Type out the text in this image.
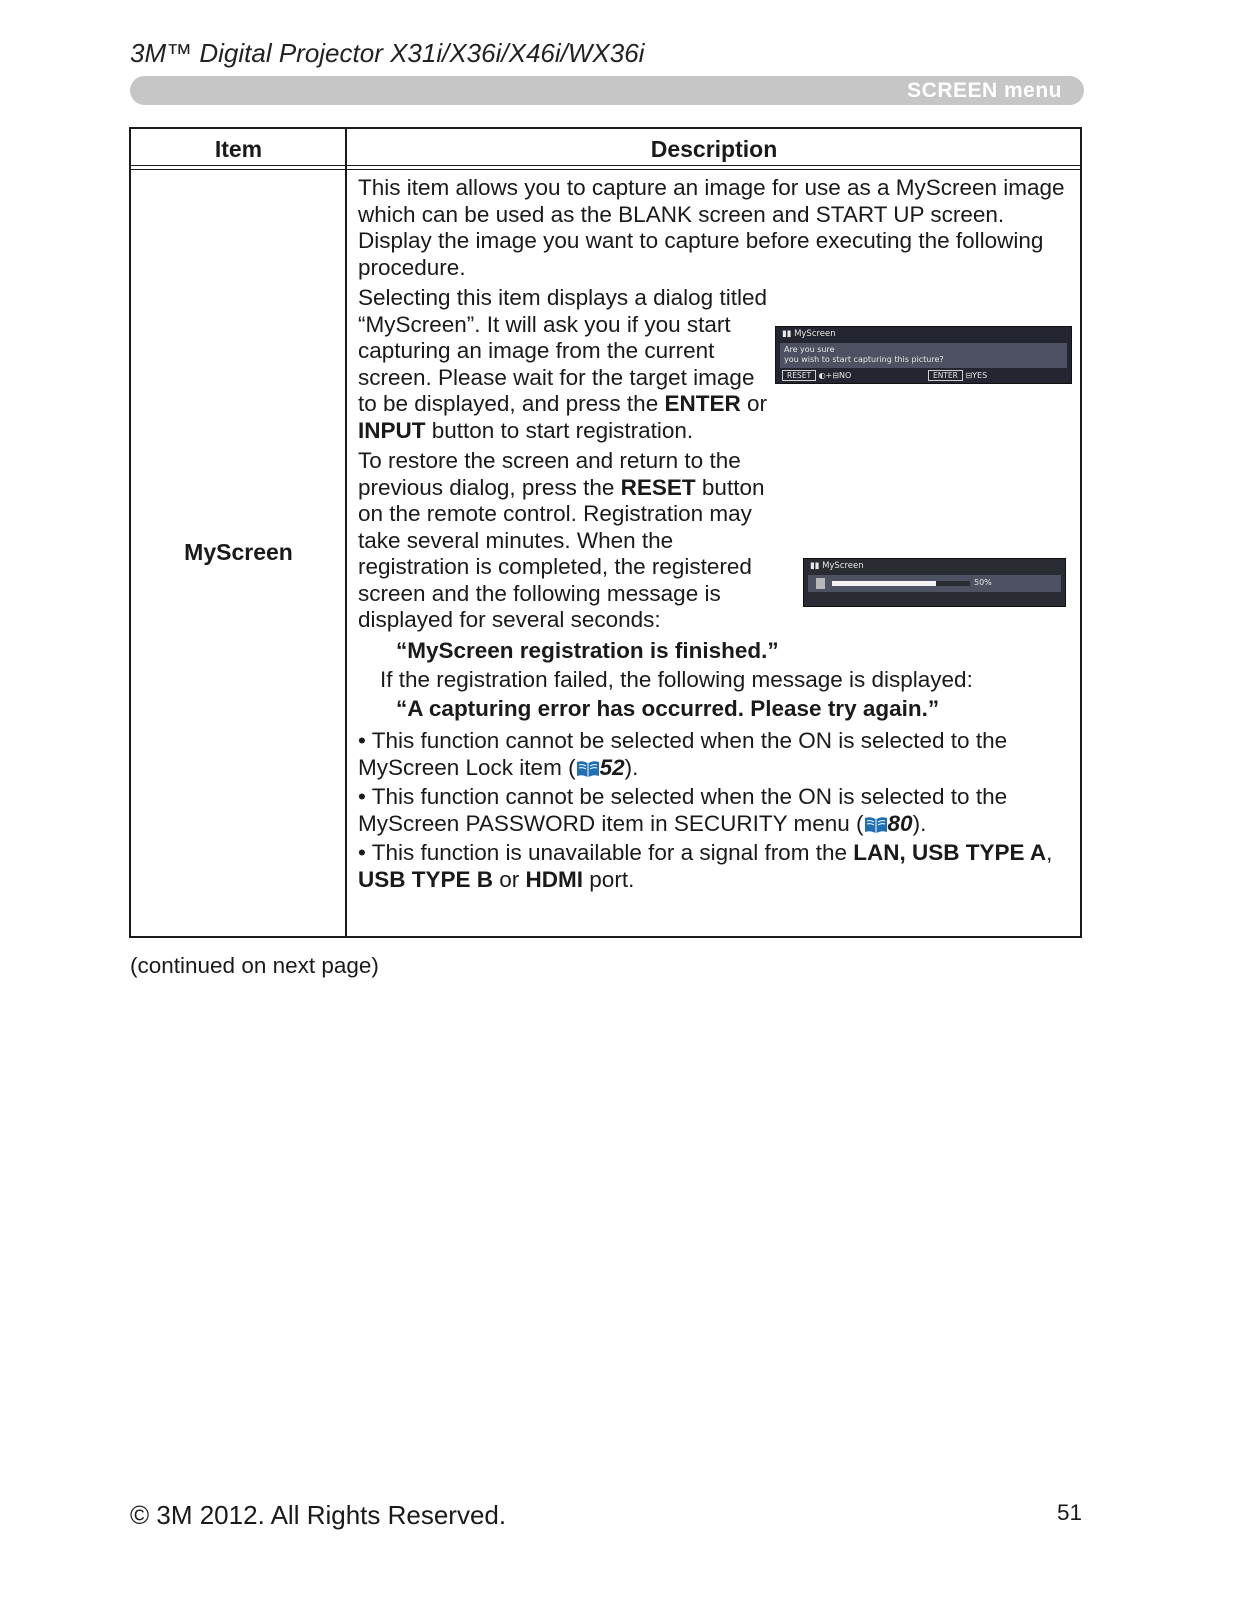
3M™ Digital Projector X31i/X36i/X46i/WX36i
SCREEN menu
Item	Description
MyScreen

This item allows you to capture an image for use as a MyScreen image which can be used as the BLANK screen and START UP screen. Display the image you want to capture before executing the following procedure.

Selecting this item displays a dialog titled “MyScreen”. It will ask you if you start capturing an image from the current screen. Please wait for the target image to be displayed, and press the ENTER or INPUT button to start registration.

To restore the screen and return to the previous dialog, press the RESET button on the remote control. Registration may take several minutes. When the registration is completed, the registered screen and the following message is displayed for several seconds:

“MyScreen registration is finished.”
If the registration failed, the following message is displayed:
“A capturing error has occurred. Please try again.”

• This function cannot be selected when the ON is selected to the MyScreen Lock item ( 52).

• This function cannot be selected when the ON is selected to the MyScreen PASSWORD item in SECURITY menu ( 80).

• This function is unavailable for a signal from the LAN, USB TYPE A, USB TYPE B or HDMI port.

▮▮ MyScreen
Are you sure
you wish to start capturing this picture?
RESET ◐+⊟NO	ENTER ⊟YES
▮▮ MyScreen
50%
(continued on next page)
© 3M 2012. All Rights Reserved.	51
